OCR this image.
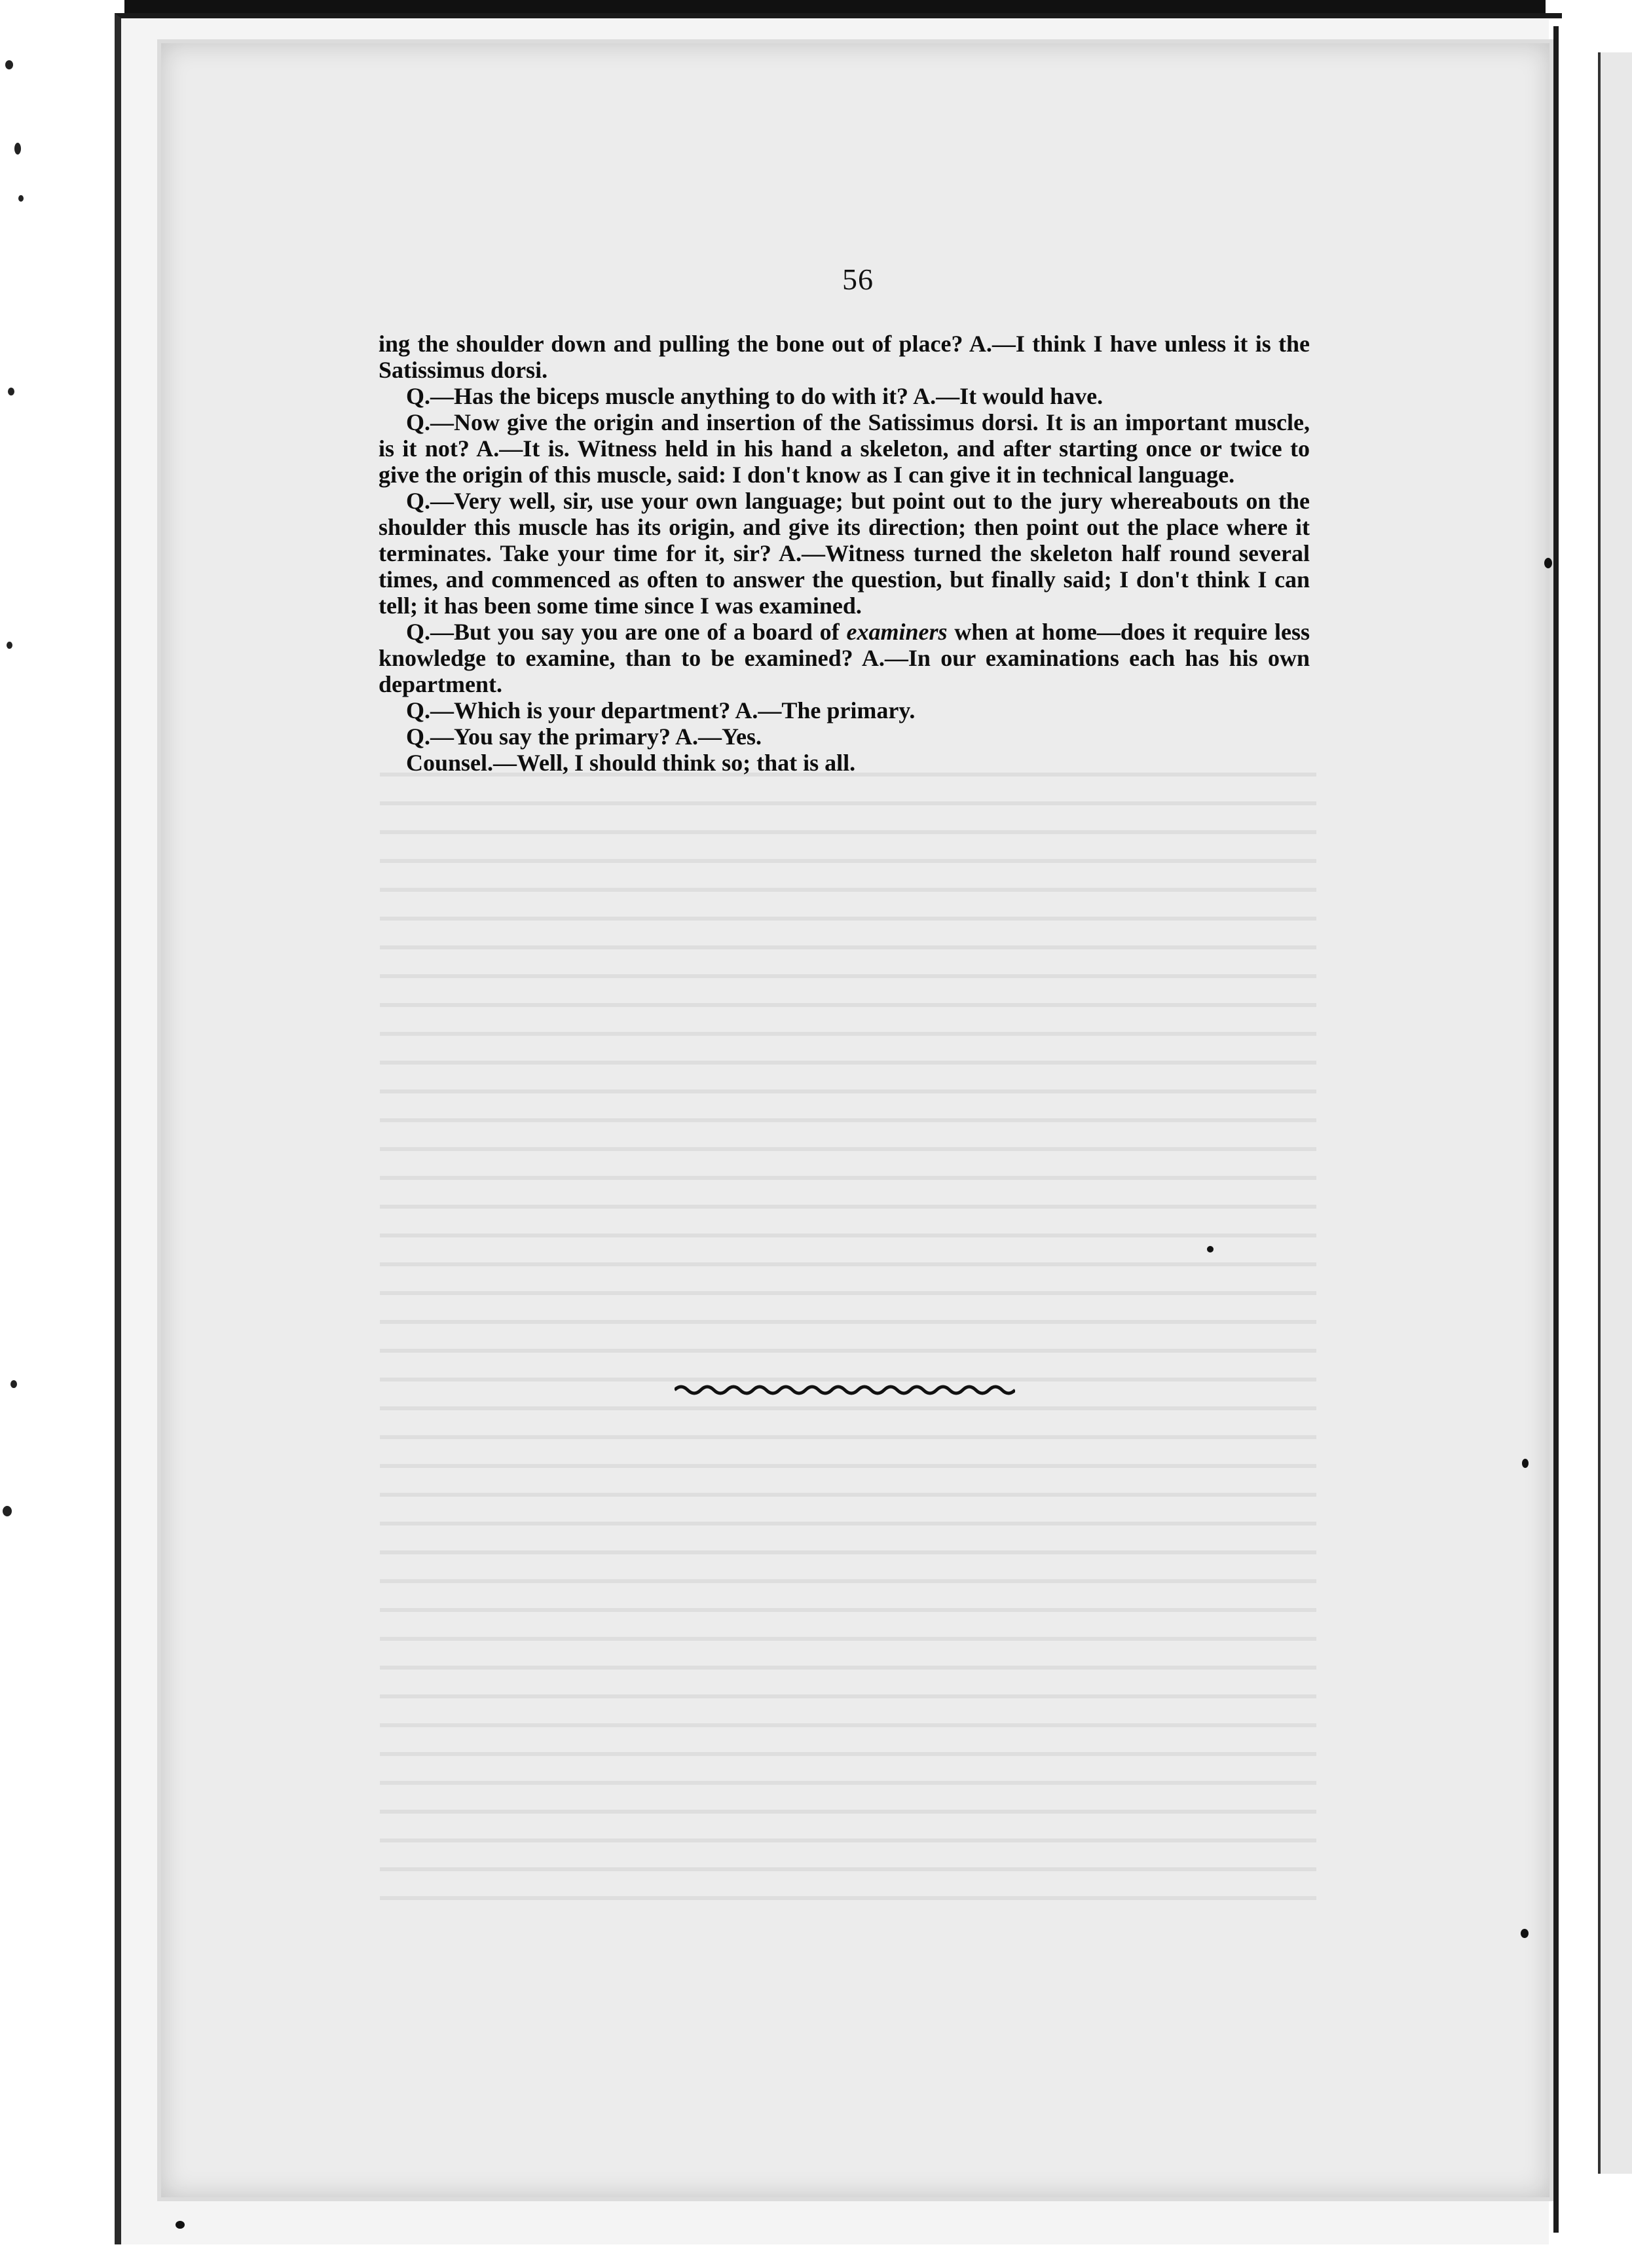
56

ing the shoulder down and pulling the bone out of place? A.—I think I have unless it is the Satissimus dorsi.

Q.—Has the biceps muscle anything to do with it? A.—It would have.

Q.—Now give the origin and insertion of the Satissimus dorsi. It is an important muscle, is it not? A.—It is. Witness held in his hand a skeleton, and after starting once or twice to give the origin of this muscle, said: I don't know as I can give it in technical language.

Q.—Very well, sir, use your own language; but point out to the jury whereabouts on the shoulder this muscle has its origin, and give its direction; then point out the place where it terminates. Take your time for it, sir? A.—Witness turned the skeleton half round several times, and commenced as often to answer the question, but finally said; I don't think I can tell; it has been some time since I was examined.

Q.—But you say you are one of a board of examiners when at home—does it require less knowledge to examine, than to be examined? A.—In our examinations each has his own department.

Q.—Which is your department? A.—The primary.

Q.—You say the primary? A.—Yes.

Counsel.—Well, I should think so; that is all.
